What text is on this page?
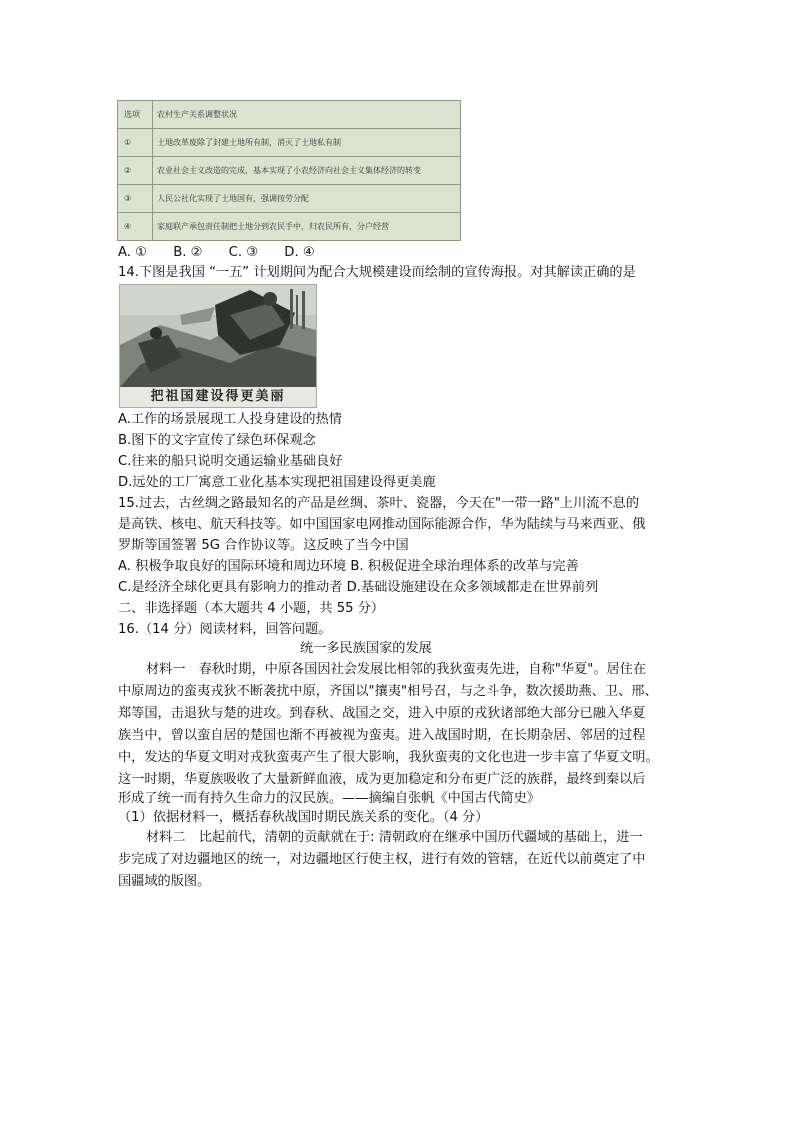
选项	农村生产关系调整状况
①	土地改革废除了封建土地所有制，消灭了土地私有制
②	农业社会主义改造的完成，基本实现了小农经济向社会主义集体经济的转变
③	人民公社化实现了土地国有，强调按劳分配
④	家庭联产承包责任制把土地分到农民手中，归农民所有，分户经营
A. ① B. ② C. ③ D. ④
14.下图是我国 “一五” 计划期间为配合大规模建设而绘制的宣传海报。对其解读正确的是
把祖国建设得更美丽
A.工作的场景展现工人投身建设的热情
B.图下的文字宣传了绿色环保观念
C.往来的船只说明交通运输业基础良好
D.远处的工厂寓意工业化基本实现把祖国建设得更美鹿
15.过去，古丝绸之路最知名的产品是丝绸、茶叶、瓷器，今天在"一带一路"上川流不息的
是高铁、核电、航天科技等。如中国国家电网推动国际能源合作，华为陆续与马来西亚、俄
罗斯等国签署 5G 合作协议等。这反映了当今中国
A. 积极争取良好的国际环境和周边环境 B. 积极促进全球治理体系的改革与完善
C.是经济全球化更具有影响力的推动者 D.基础设施建设在众多领域都走在世界前列
二、非选择题（本大题共 4 小题，共 55 分）
16.（14 分）阅读材料，回答问题。
统一多民族国家的发展
材料一　春秋时期，中原各国因社会发展比相邻的我狄蛮夷先进，自称"华夏"。居住在
中原周边的蛮夷戎狄不断袭扰中原，齐国以"攘夷"相号召，与之斗争，数次援助燕、卫、邢、
郑等国，击退狄与楚的进攻。到春秋、战国之交，进入中原的戎狄诸部绝大部分已融入华夏
族当中，曾以蛮自居的楚国也渐不再被视为蛮夷。进入战国时期，在长期杂居、邻居的过程
中，发达的华夏文明对戎狄蛮夷产生了很大影响，我狄蛮夷的文化也进一步丰富了华夏文明。
这一时期，华夏族吸收了大量新鲜血液，成为更加稳定和分布更广泛的族群，最终到秦以后
形成了统一而有持久生命力的汉民族。——摘编自张帆《中国古代简史》
（1）依据材料一，概括春秋战国时期民族关系的变化。（4 分）
材料二　比起前代，清朝的贡献就在于: 清朝政府在继承中国历代疆域的基础上，进一
步完成了对边疆地区的统一，对边疆地区行使主权，进行有效的管辖，在近代以前奠定了中
国疆域的版图。
